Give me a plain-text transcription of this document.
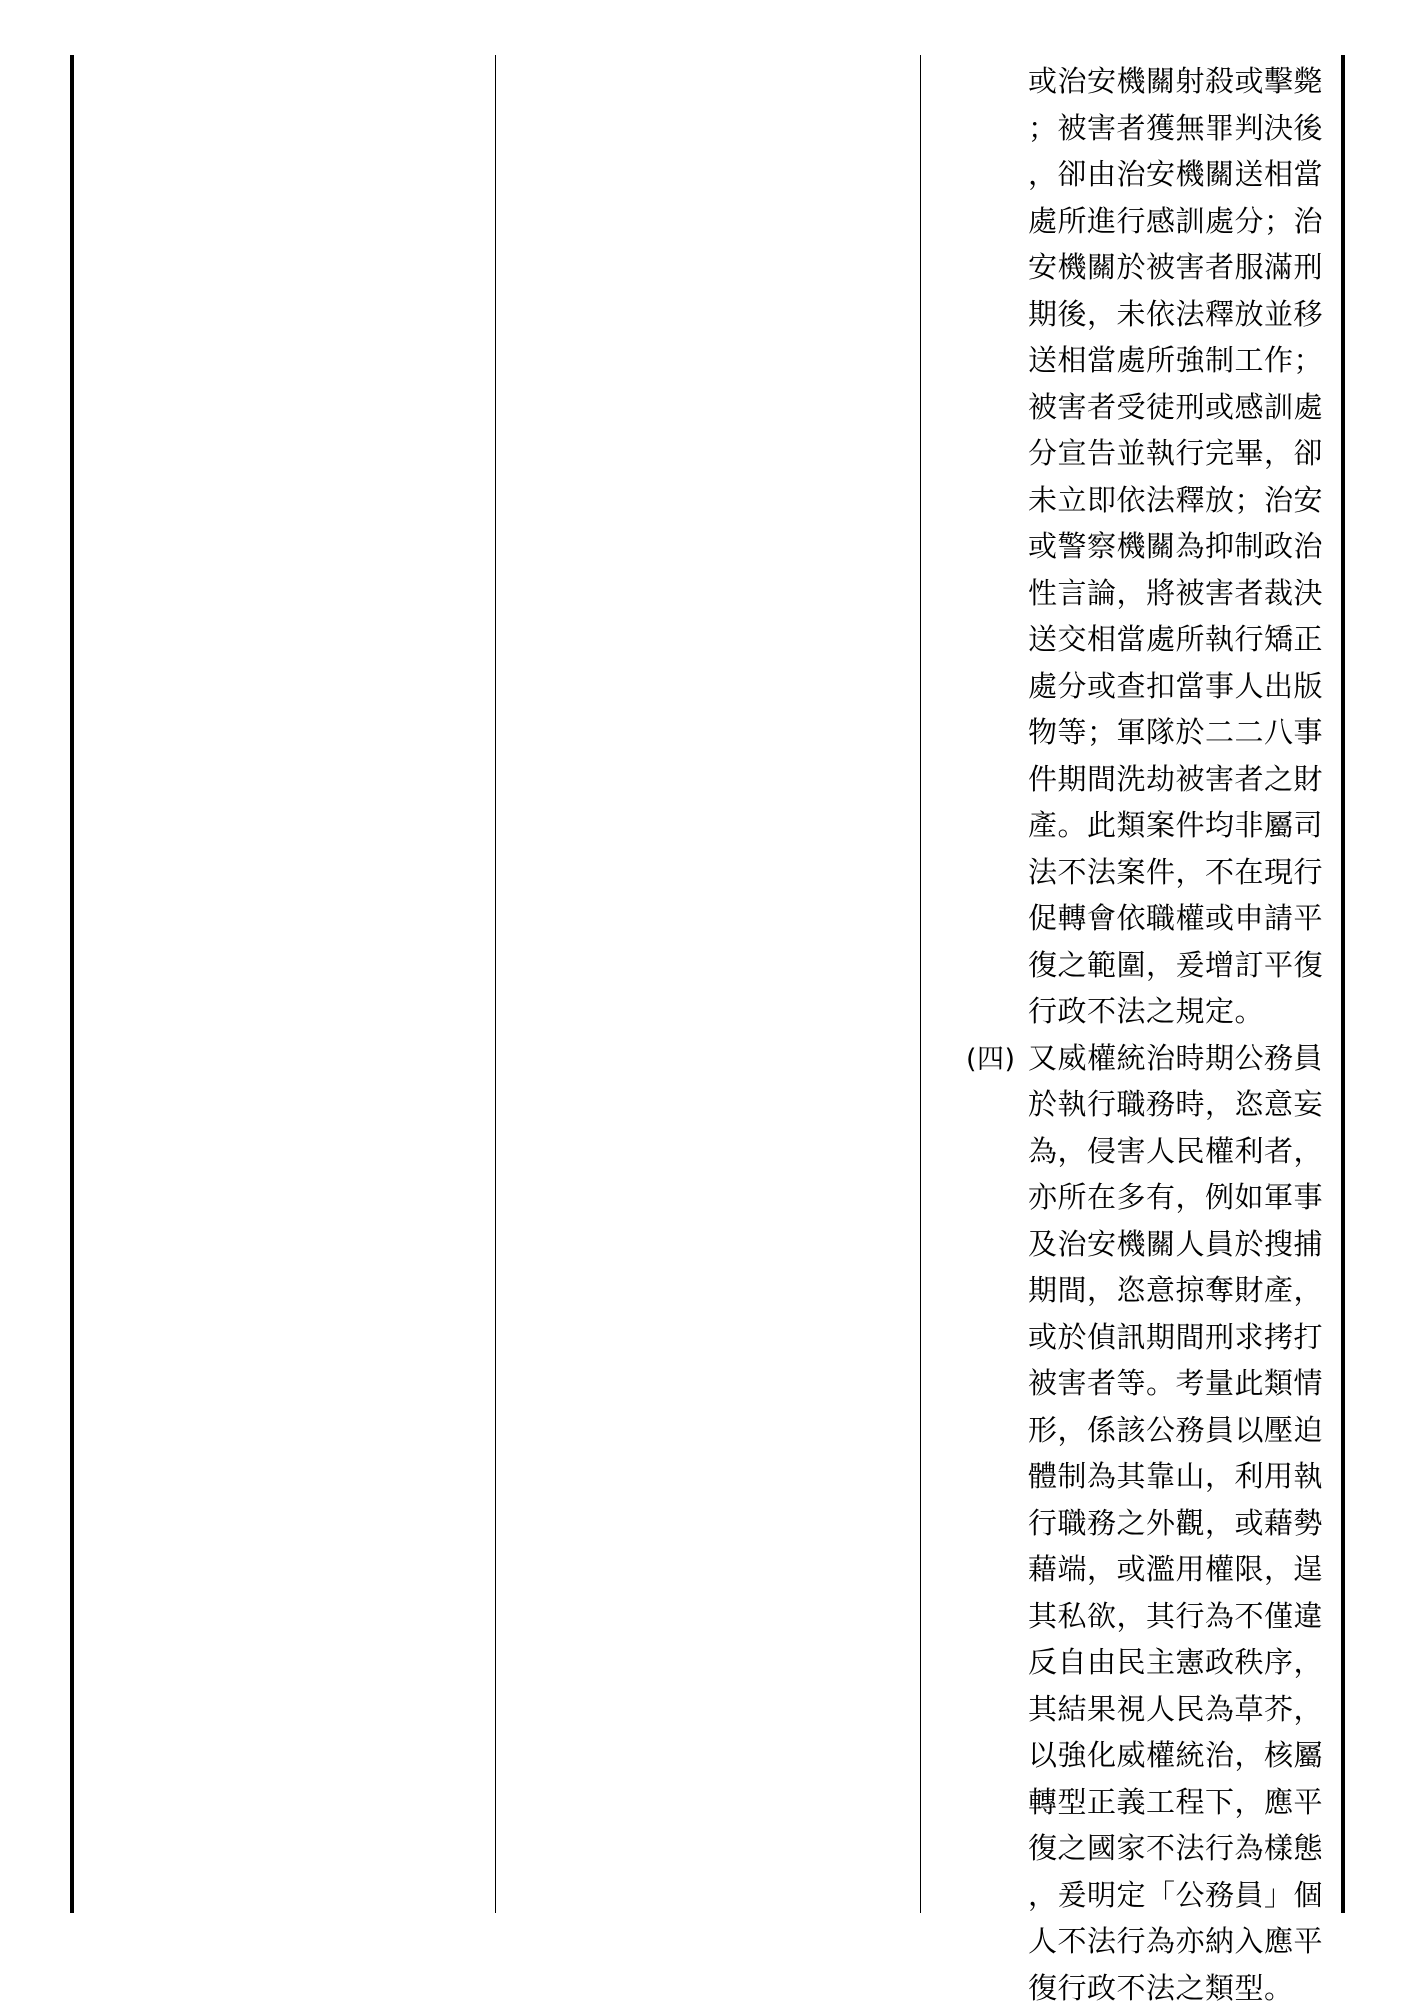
或治安機關射殺或擊斃
；被害者獲無罪判決後
，卻由治安機關送相當
處所進行感訓處分；治
安機關於被害者服滿刑
期後，未依法釋放並移
送相當處所強制工作；
被害者受徒刑或感訓處
分宣告並執行完畢，卻
未立即依法釋放；治安
或警察機關為抑制政治
性言論，將被害者裁決
送交相當處所執行矯正
處分或查扣當事人出版
物等；軍隊於二二八事
件期間洗劫被害者之財
產。此類案件均非屬司
法不法案件，不在現行
促轉會依職權或申請平
復之範圍，爰增訂平復
行政不法之規定。
(四) 又威權統治時期公務員
於執行職務時，恣意妄
為，侵害人民權利者，
亦所在多有，例如軍事
及治安機關人員於搜捕
期間，恣意掠奪財產，
或於偵訊期間刑求拷打
被害者等。考量此類情
形，係該公務員以壓迫
體制為其靠山，利用執
行職務之外觀，或藉勢
藉端，或濫用權限，逞
其私欲，其行為不僅違
反自由民主憲政秩序，
其結果視人民為草芥，
以強化威權統治，核屬
轉型正義工程下，應平
復之國家不法行為樣態
，爰明定「公務員」個
人不法行為亦納入應平
復行政不法之類型。
